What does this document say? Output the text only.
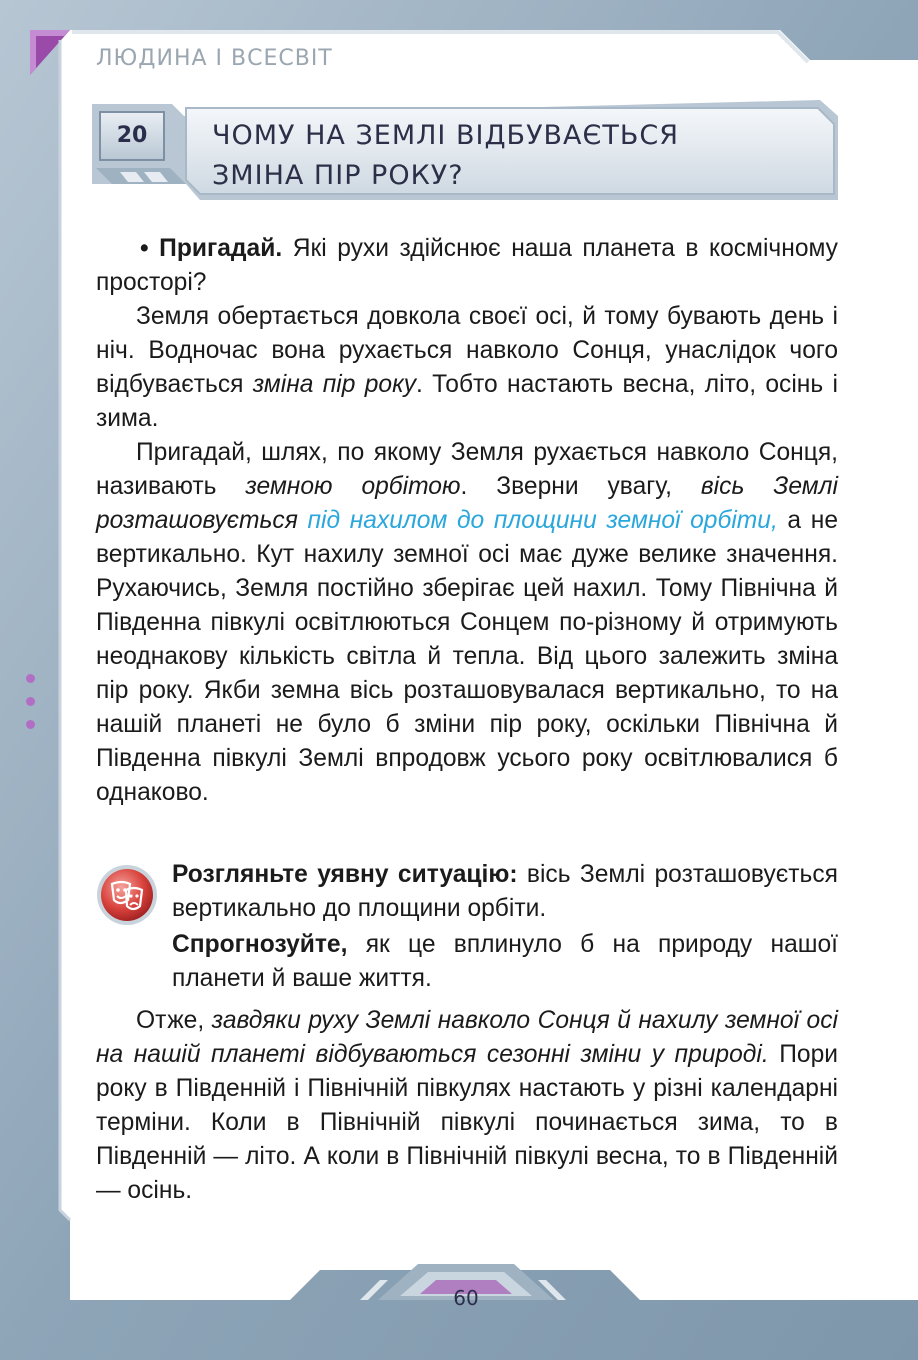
ЛЮДИНА І ВСЕСВІТ
20	ЧОМУ НА ЗЕМЛІ ВІДБУВАЄТЬСЯ
ЗМІНА ПІР РОКУ?

• Пригадай. Які рухи здійснює наша планета в космічному просторі?

Земля обертається довкола своєї осі, й тому бувають день і ніч. Водночас вона рухається навколо Сонця, унаслідок чого відбувається зміна пір року. Тобто настають весна, літо, осінь і зима.

Пригадай, шлях, по якому Земля рухається навколо Сонця, називають земною орбітою. Зверни увагу, вісь Землі розташовується під нахилом до площини земної орбіти, а не вертикально. Кут нахилу земної осі має дуже велике значення. Рухаючись, Земля постійно зберігає цей нахил. Тому Північна й Південна півкулі освітлюються Сонцем по-різному й отримують неоднакову кількість світла й тепла. Від цього залежить зміна пір року. Якби земна вісь розташовувалася вертикально, то на нашій планеті не було б зміни пір року, оскільки Північна й Південна півкулі Землі впродовж усього року освітлювалися б однаково.

Розгляньте уявну ситуацію: вісь Землі розташовується вертикально до площини орбіти.

Спрогнозуйте, як це вплинуло б на природу нашої планети й ваше життя.

Отже, завдяки руху Землі навколо Сонця й нахилу земної осі на нашій планеті відбуваються сезонні зміни у природі. Пори року в Південній і Північній півкулях настають у різні календарні терміни. Коли в Північній півкулі починається зима, то в Південній — літо. А коли в Північній півкулі весна, то в Південній — осінь.

60
